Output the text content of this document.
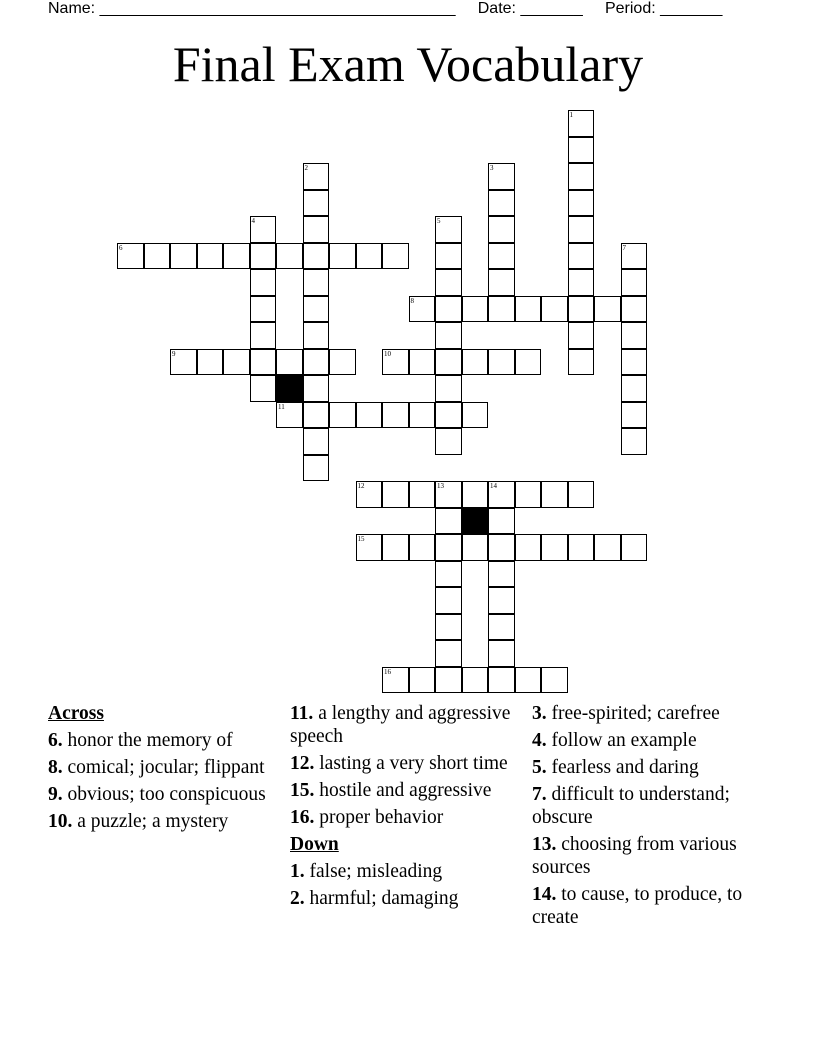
Name: ________________________________________ Date: _______ Period: _______
Final Exam Vocabulary
1
2	3
4	5
6	7
8
9	10
11
12	13	14
15
16
Across
6. honor the memory of
8. comical; jocular; flippant
9. obvious; too conspicuous
10. a puzzle; a mystery
11. a lengthy and aggressive speech
12. lasting a very short time
15. hostile and aggressive
16. proper behavior
Down
1. false; misleading
2. harmful; damaging
3. free-spirited; carefree
4. follow an example
5. fearless and daring
7. difficult to understand; obscure
13. choosing from various sources
14. to cause, to produce, to create
